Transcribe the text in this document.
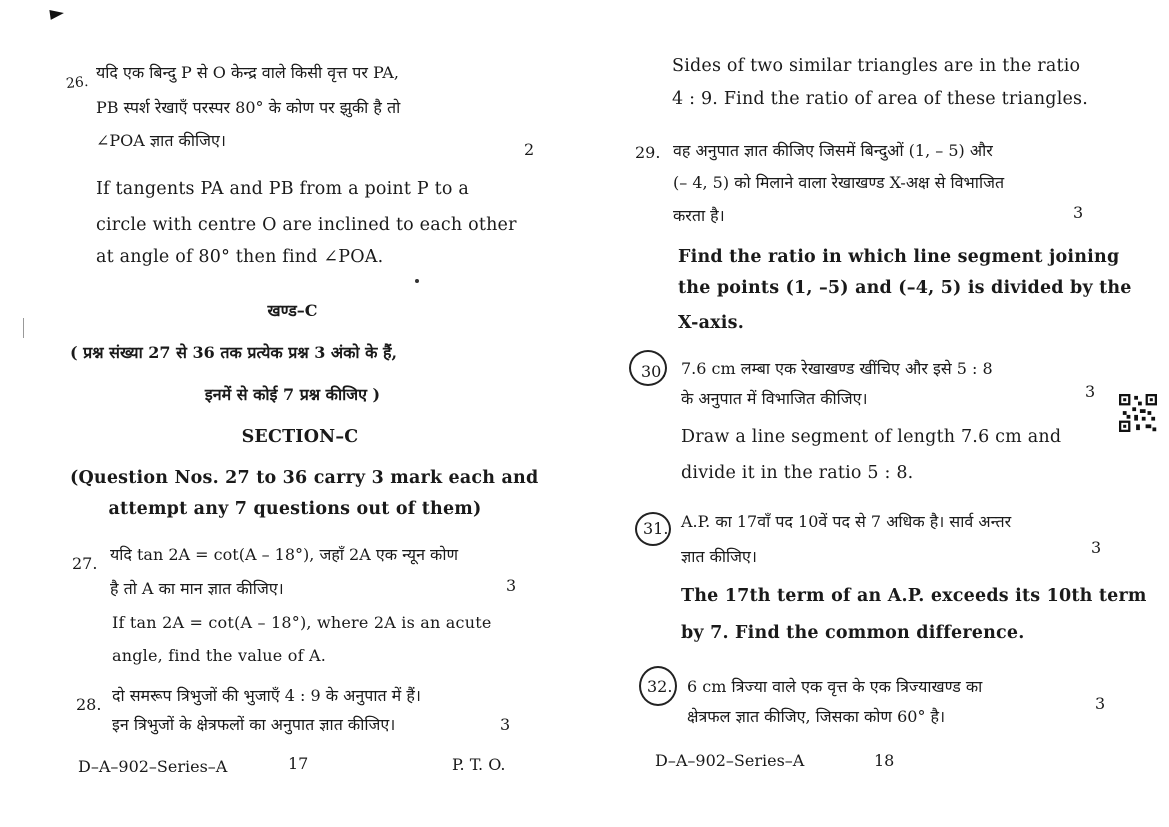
26.
यदि एक बिन्दु P से O केन्द्र वाले किसी वृत्त पर PA,
PB स्पर्श रेखाएँ परस्पर 80° के कोण पर झुकी है तो
∠POA ज्ञात कीजिए।	2
If tangents PA and PB from a point P to a
circle with centre O are inclined to each other
at angle of 80° then find ∠POA.
खण्ड–C
( प्रश्न संख्या 27 से 36 तक प्रत्येक प्रश्न 3 अंको के हैं,
इनमें से कोई 7 प्रश्न कीजिए )
SECTION–C
(Question Nos. 27 to 36 carry 3 mark each and
attempt any 7 questions out of them)
27. यदि tan 2A = cot(A – 18°), जहाँ 2A एक न्यून कोण
है तो A का मान ज्ञात कीजिए।	3
If tan 2A = cot(A – 18°), where 2A is an acute
angle, find the value of A.
28. दो समरूप त्रिभुजों की भुजाएँ 4 : 9 के अनुपात में हैं।
इन त्रिभुजों के क्षेत्रफलों का अनुपात ज्ञात कीजिए।	3
D–A–902–Series–A	17	P. T. O.
Sides of two similar triangles are in the ratio
4 : 9. Find the ratio of area of these triangles.
29. वह अनुपात ज्ञात कीजिए जिसमें बिन्दुओं (1, – 5) और
(– 4, 5) को मिलाने वाला रेखाखण्ड X-अक्ष से विभाजित
करता है।	3
Find the ratio in which line segment joining
the points (1, –5) and (–4, 5) is divided by the
X-axis.
30. 7.6 cm लम्बा एक रेखाखण्ड खींचिए और इसे 5 : 8
के अनुपात में विभाजित कीजिए।	3
Draw a line segment of length 7.6 cm and
divide it in the ratio 5 : 8.
31. A.P. का 17वाँ पद 10वें पद से 7 अधिक है। सार्व अन्तर
ज्ञात कीजिए।	3
The 17th term of an A.P. exceeds its 10th term
by 7. Find the common difference.
32. 6 cm त्रिज्या वाले एक वृत्त के एक त्रिज्याखण्ड का
क्षेत्रफल ज्ञात कीजिए, जिसका कोण 60° है।
3
D–A–902–Series–A	18
